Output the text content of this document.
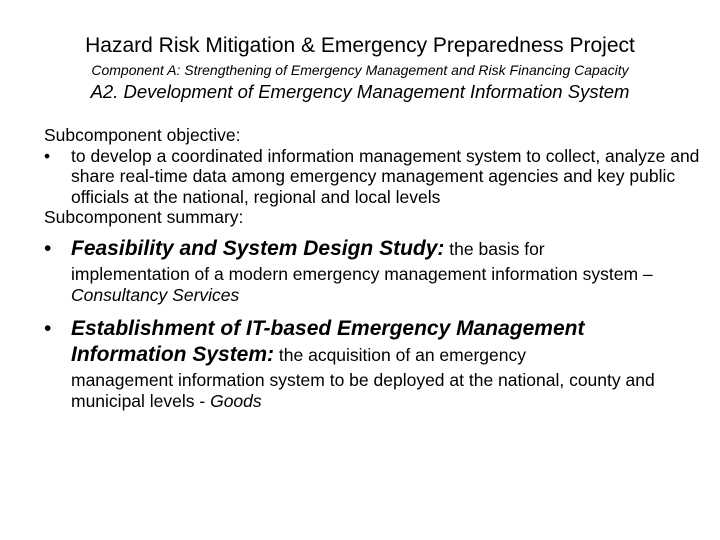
Hazard Risk Mitigation & Emergency Preparedness Project
Component A: Strengthening of Emergency Management and Risk Financing Capacity
A2. Development of Emergency Management Information System
Subcomponent objective:
• to develop a coordinated information management system to collect, analyze and share real-time data among emergency management agencies and key public officials at the national, regional and local levels
Subcomponent summary:
• Feasibility and System Design Study: the basis for
implementation of a modern emergency management information system – Consultancy Services
• Establishment of IT-based Emergency Management
Information System: the acquisition of an emergency
management information system to be deployed at the national, county and municipal levels - Goods
